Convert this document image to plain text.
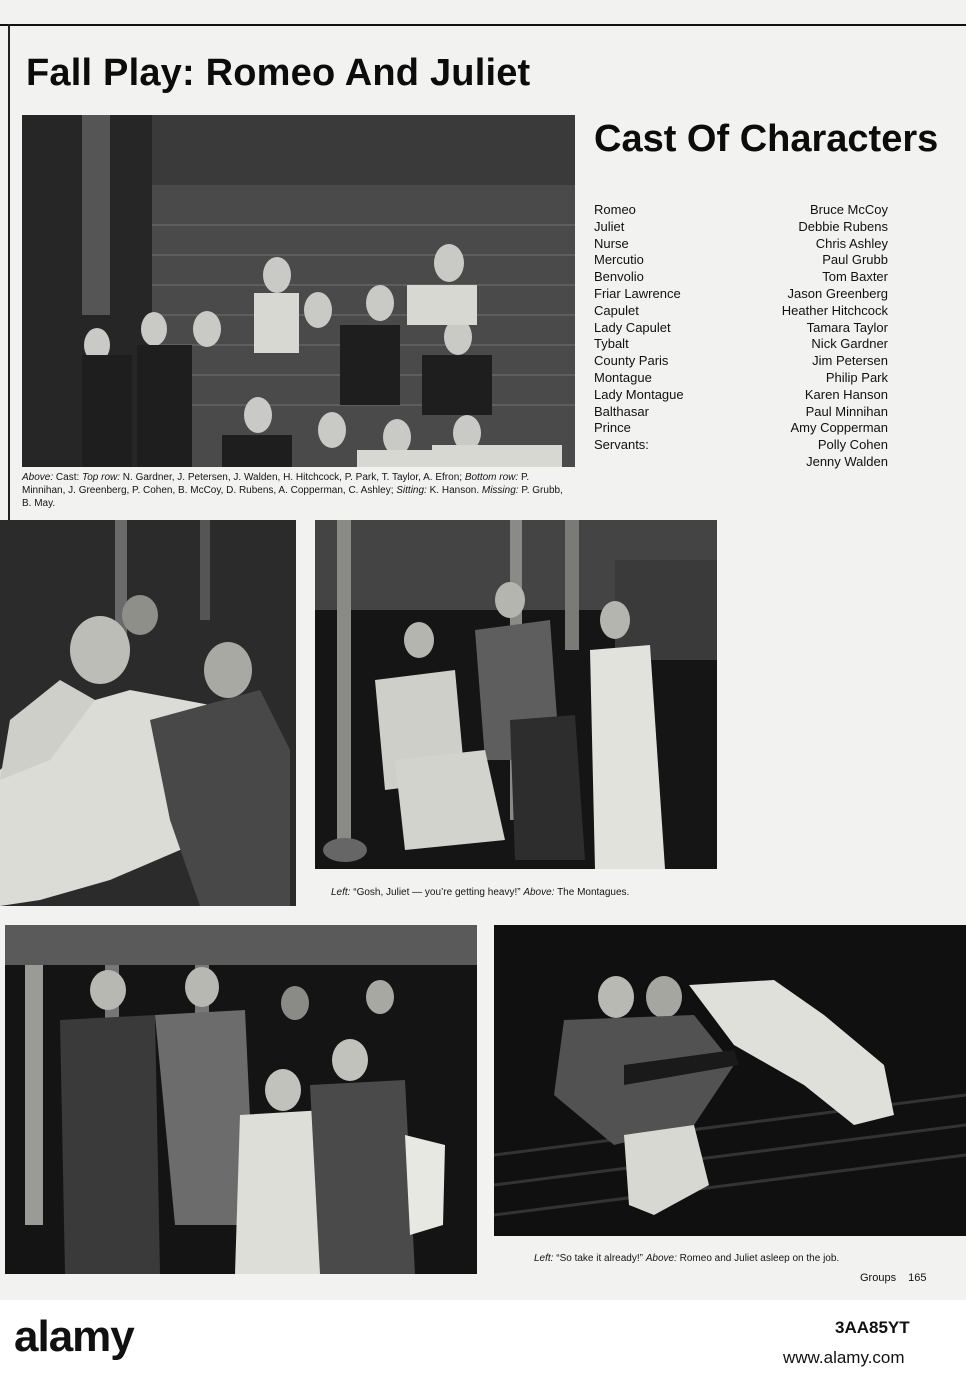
Fall Play: Romeo And Juliet
Above: Cast: Top row: N. Gardner, J. Petersen, J. Walden, H. Hitchcock, P. Park, T. Taylor, A. Efron; Bottom row: P. Minnihan, J. Greenberg, P. Cohen, B. McCoy, D. Rubens, A. Copperman, C. Ashley; Sitting: K. Hanson. Missing: P. Grubb, B. May.
Cast Of Characters
Romeo	Bruce McCoy
Juliet	Debbie Rubens
Nurse	Chris Ashley
Mercutio	Paul Grubb
Benvolio	Tom Baxter
Friar Lawrence	Jason Greenberg
Capulet	Heather Hitchcock
Lady Capulet	Tamara Taylor
Tybalt	Nick Gardner
County Paris	Jim Petersen
Montague	Philip Park
Lady Montague	Karen Hanson
Balthasar	Paul Minnihan
Prince	Amy Copperman
Servants:	Polly Cohen
Jenny Walden
Left: “Gosh, Juliet — you’re getting heavy!” Above: The Montagues.
Left: “So take it already!” Above: Romeo and Juliet asleep on the job.
Groups 165
alamy	3AA85YT
www.alamy.com
